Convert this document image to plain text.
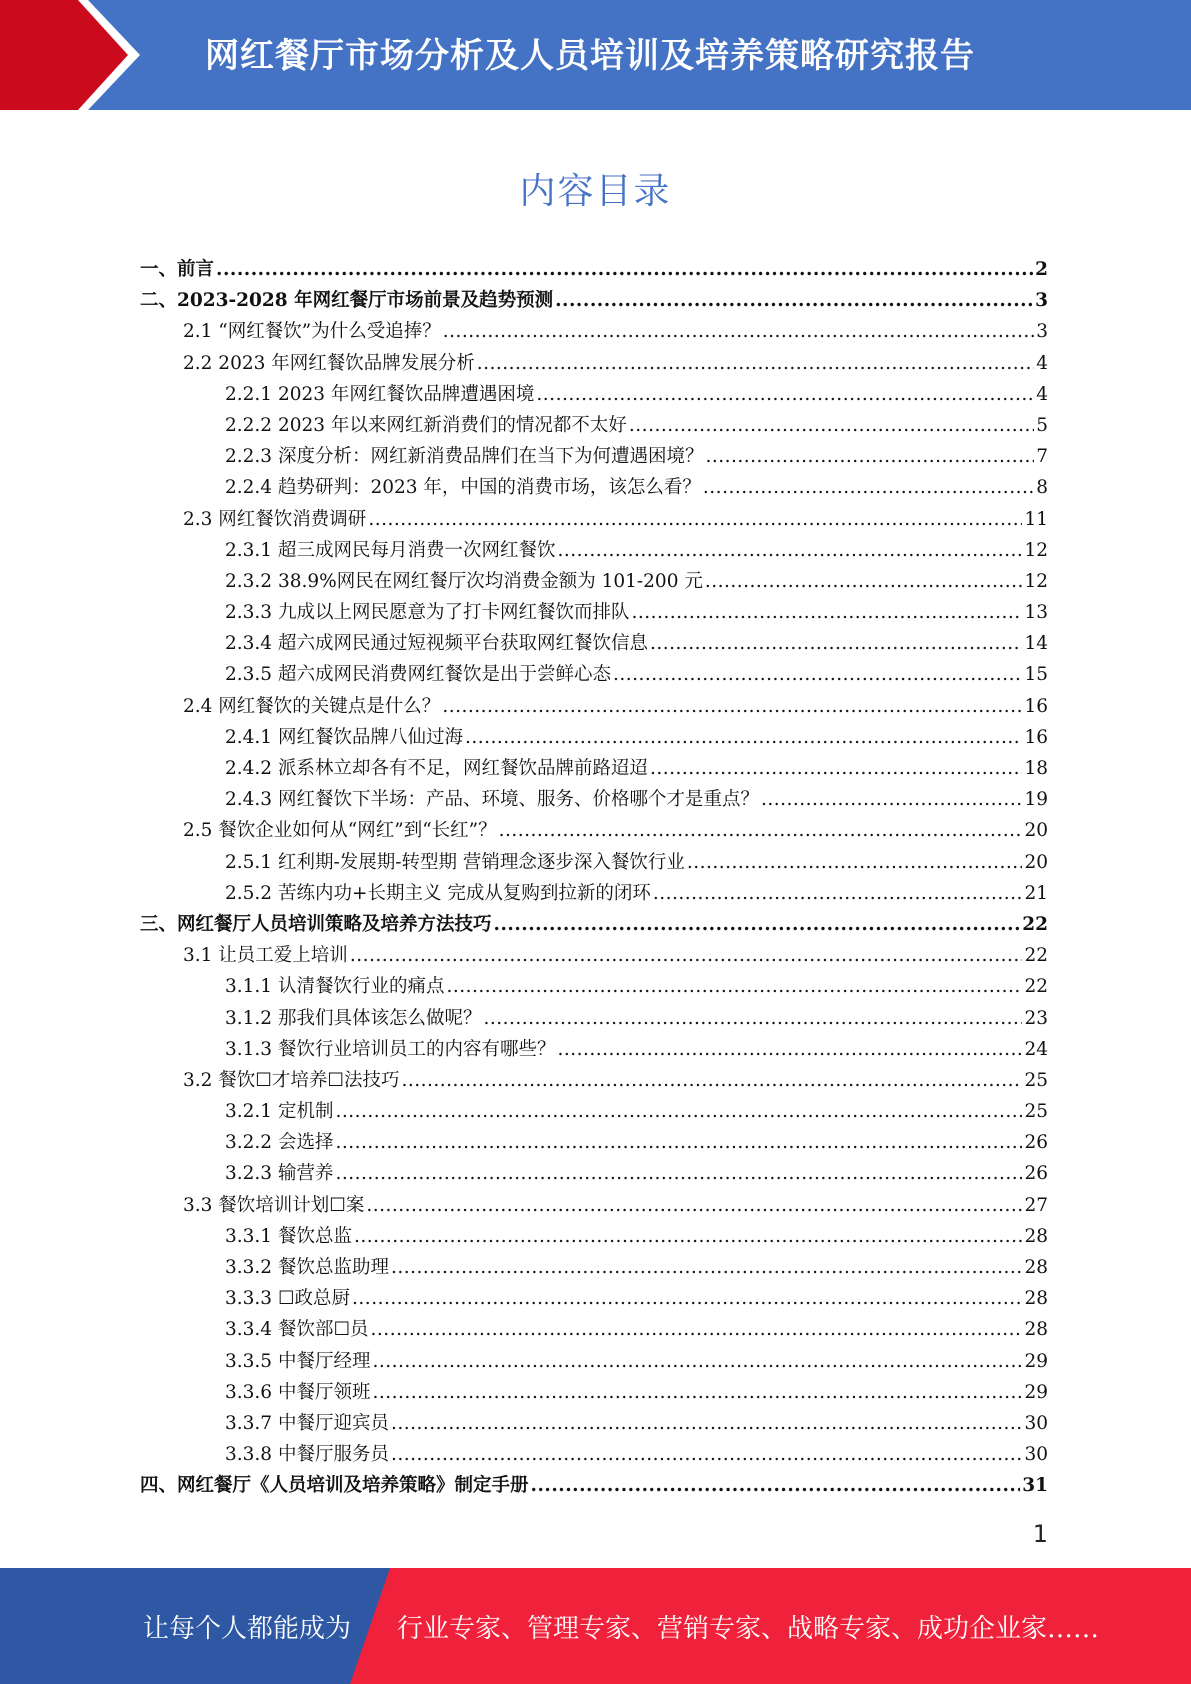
网红餐厅市场分析及人员培训及培养策略研究报告
内容目录
一、前言 .....	2
二、2023-2028 年网红餐厅市场前景及趋势预测 .....	3
2.1 “网红餐饮”为什么受追捧？ .....	3
2.2 2023 年网红餐饮品牌发展分析 .....	4
2.2.1 2023 年网红餐饮品牌遭遇困境 .....	4
2.2.2 2023 年以来网红新消费们的情况都不太好 .....	5
2.2.3 深度分析：网红新消费品牌们在当下为何遭遇困境？ .....	7
2.2.4 趋势研判：2023 年，中国的消费市场，该怎么看？ .....	8
2.3 网红餐饮消费调研 .....	11
2.3.1 超三成网民每月消费一次网红餐饮 .....	12
2.3.2 38.9%网民在网红餐厅次均消费金额为 101-200 元 .....	12
2.3.3 九成以上网民愿意为了打卡网红餐饮而排队 .....	13
2.3.4 超六成网民通过短视频平台获取网红餐饮信息 .....	14
2.3.5 超六成网民消费网红餐饮是出于尝鲜心态 .....	15
2.4 网红餐饮的关键点是什么？ .....	16
2.4.1 网红餐饮品牌八仙过海 .....	16
2.4.2 派系林立却各有不足，网红餐饮品牌前路迢迢 .....	18
2.4.3 网红餐饮下半场：产品、环境、服务、价格哪个才是重点？ .....	19
2.5 餐饮企业如何从“网红”到“长红”？ .....	20
2.5.1 红利期-发展期-转型期 营销理念逐步深入餐饮行业 .....	20
2.5.2 苦练内功+长期主义 完成从复购到拉新的闭环 .....	21
三、网红餐厅人员培训策略及培养方法技巧 .....	22
3.1 让员工爱上培训 .....	22
3.1.1 认清餐饮行业的痛点 .....	22
3.1.2 那我们具体该怎么做呢？ .....	23
3.1.3 餐饮行业培训员工的内容有哪些？ .....	24
3.2 餐饮☐才培养☐法技巧 .....	25
3.2.1 定机制 .....	25
3.2.2 会选择 .....	26
3.2.3 输营养 .....	26
3.3 餐饮培训计划☐案 .....	27
3.3.1 餐饮总监 .....	28
3.3.2 餐饮总监助理 .....	28
3.3.3 ☐政总厨 .....	28
3.3.4 餐饮部☐员 .....	28
3.3.5 中餐厅经理 .....	29
3.3.6 中餐厅领班 .....	29
3.3.7 中餐厅迎宾员 .....	30
3.3.8 中餐厅服务员 .....	30
四、网红餐厅《人员培训及培养策略》制定手册 .....	31
1
让每个人都能成为 行业专家、管理专家、营销专家、战略专家、成功企业家……
